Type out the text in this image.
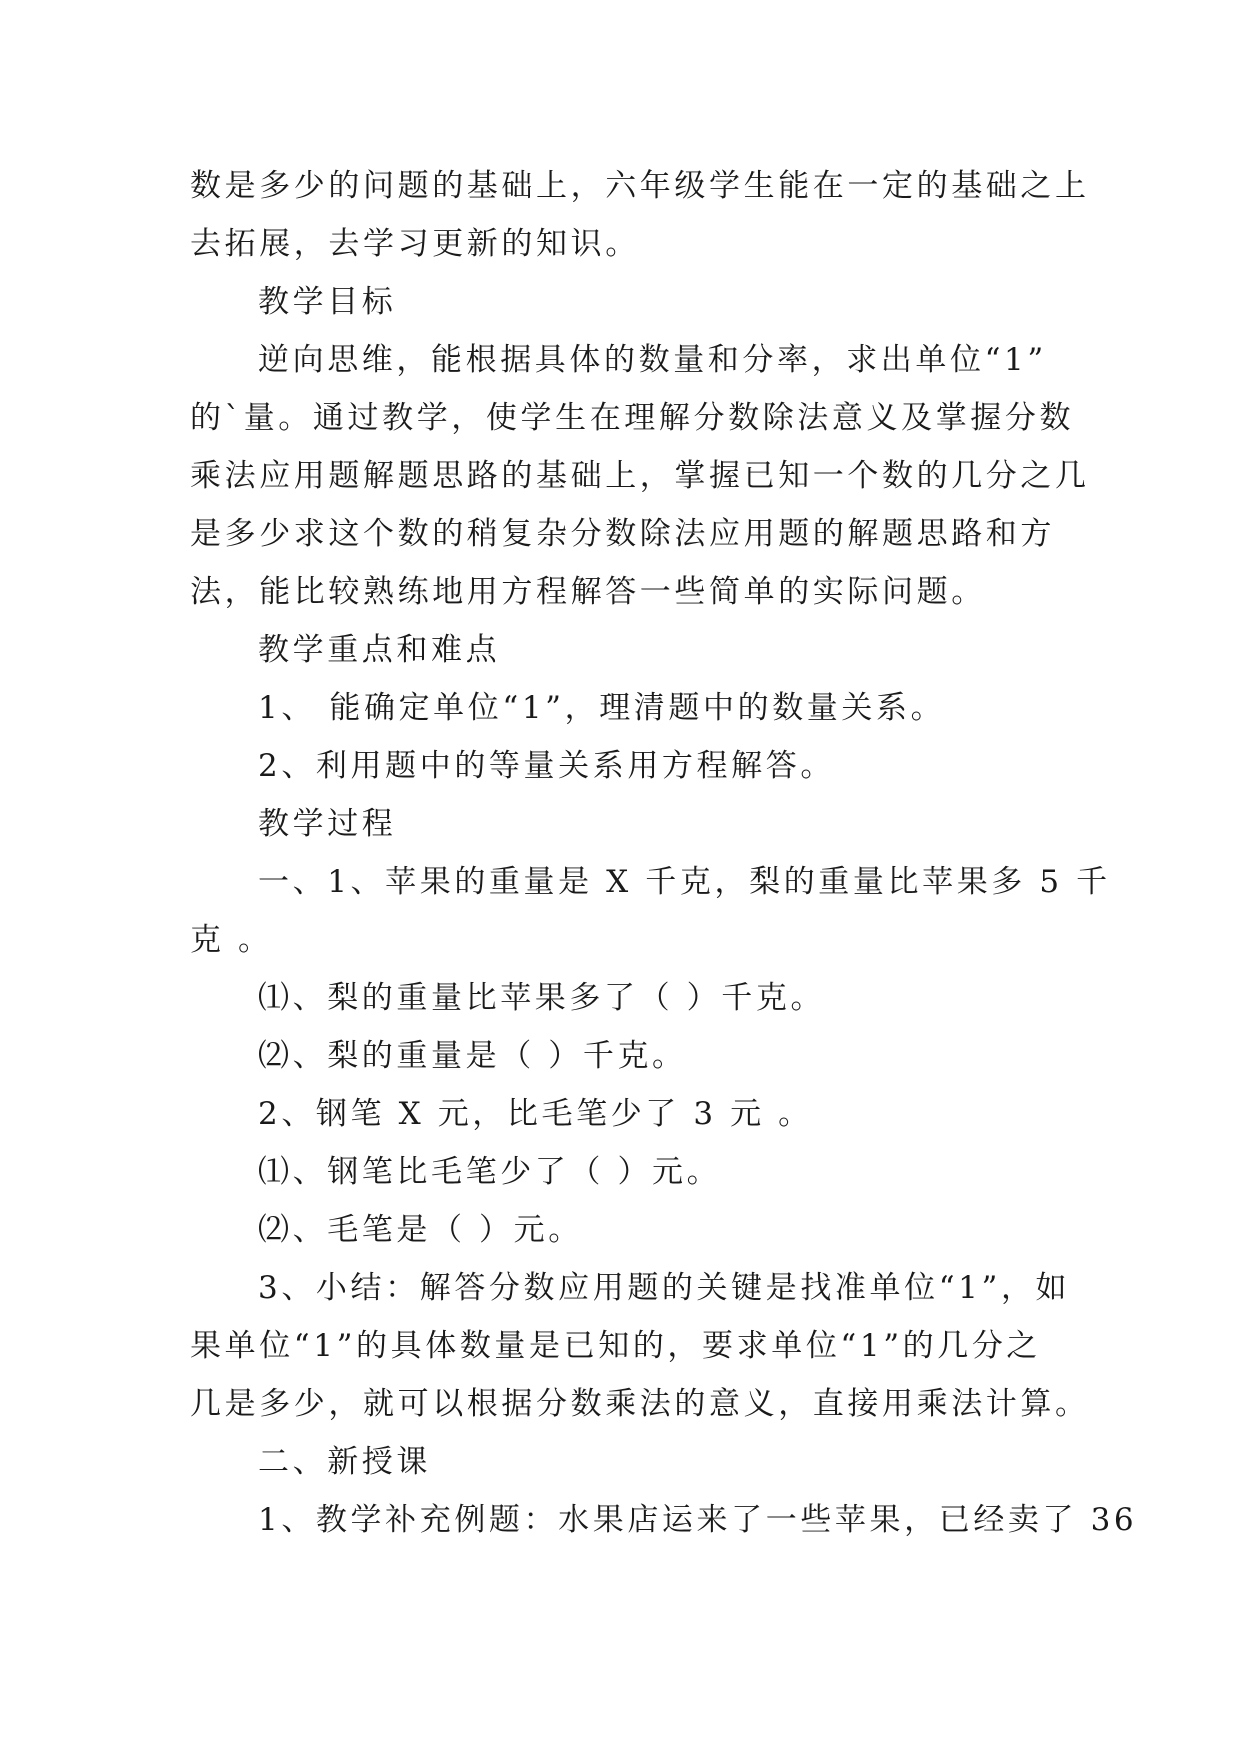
数是多少的问题的基础上，六年级学生能在一定的基础之上
去拓展，去学习更新的知识。
教学目标
逆向思维，能根据具体的数量和分率，求出单位“1”
的`量。通过教学，使学生在理解分数除法意义及掌握分数
乘法应用题解题思路的基础上，掌握已知一个数的几分之几
是多少求这个数的稍复杂分数除法应用题的解题思路和方
法，能比较熟练地用方程解答一些简单的实际问题。
教学重点和难点
1、 能确定单位“1”，理清题中的数量关系。
2、利用题中的等量关系用方程解答。
教学过程
一、1、苹果的重量是 X 千克，梨的重量比苹果多 5 千
克 。
⑴、梨的重量比苹果多了（ ）千克。
⑵、梨的重量是（ ）千克。
2、钢笔 X 元，比毛笔少了 3 元 。
⑴、钢笔比毛笔少了（ ）元。
⑵、毛笔是（ ）元。
3、小结：解答分数应用题的关键是找准单位“1”，如
果单位“1”的具体数量是已知的，要求单位“1”的几分之
几是多少，就可以根据分数乘法的意义，直接用乘法计算。
二、新授课
1、教学补充例题：水果店运来了一些苹果，已经卖了 36
